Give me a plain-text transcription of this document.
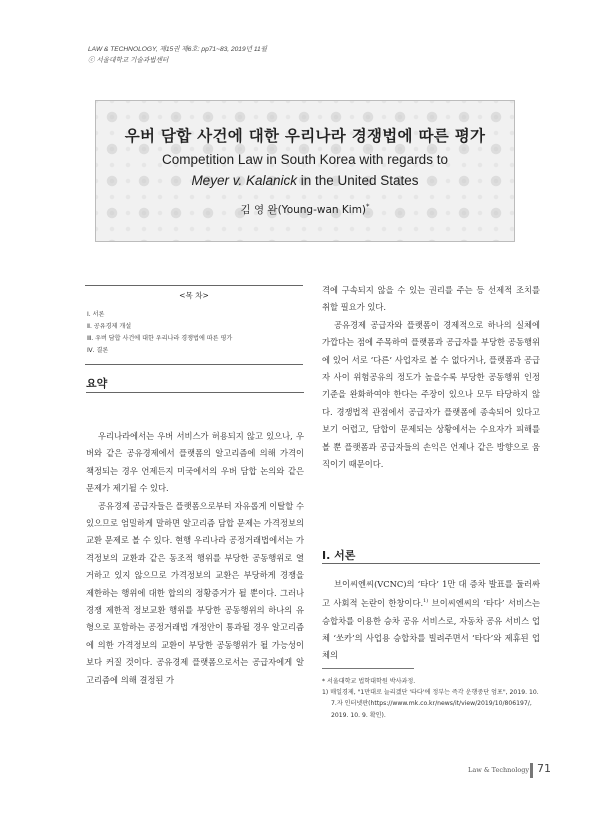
LAW & TECHNOLOGY, 제15권 제6호: pp71~83, 2019년 11월
ⓒ 서울대학교 기술과법센터
우버 담합 사건에 대한 우리나라 경쟁법에 따른 평가
Competition Law in South Korea with regards to
Meyer v. Kalanick in the United States
김 영 완(Young-wan Kim)*
<목 차>
Ⅰ. 서론
Ⅱ. 공유경제 개설
Ⅲ. 우버 담합 사건에 대한 우리나라 경쟁법에 따른 평가
Ⅳ. 결론
요약

우리나라에서는 우버 서비스가 허용되지 않고 있으나, 우버와 같은 공유경제에서 플랫폼의 알고리즘에 의해 가격이 책정되는 경우 언제든지 미국에서의 우버 담합 논의와 같은 문제가 제기될 수 있다.

공유경제 공급자들은 플랫폼으로부터 자유롭게 이탈할 수 있으므로 엄밀하게 말하면 알고리즘 담합 문제는 가격정보의 교환 문제로 볼 수 있다. 현행 우리나라 공정거래법에서는 가격정보의 교환과 같은 동조적 행위를 부당한 공동행위로 열거하고 있지 않으므로 가격정보의 교환은 부당하게 경쟁을 제한하는 행위에 대한 합의의 정황증거가 될 뿐이다. 그러나 경쟁 제한적 정보교환 행위를 부당한 공동행위의 하나의 유형으로 포함하는 공정거래법 개정안이 통과될 경우 알고리즘에 의한 가격정보의 교환이 부당한 공동행위가 될 가능성이 보다 커질 것이다. 공유경제 플랫폼으로서는 공급자에게 알고리즘에 의해 결정된 가

격에 구속되지 않을 수 있는 권리를 주는 등 선제적 조치를 취할 필요가 있다.

공유경제 공급자와 플랫폼이 경제적으로 하나의 실체에 가깝다는 점에 주목하여 플랫폼과 공급자를 부당한 공동행위에 있어 서로 ‘다른’ 사업자로 볼 수 없다거나, 플랫폼과 공급자 사이 위험공유의 정도가 높을수록 부당한 공동행위 인정 기준을 완화하여야 한다는 주장이 있으나 모두 타당하지 않다. 경쟁법적 관점에서 공급자가 플랫폼에 종속되어 있다고 보기 어렵고, 담합이 문제되는 상황에서는 수요자가 피해를 볼 뿐 플랫폼과 공급자들의 손익은 언제나 같은 방향으로 움직이기 때문이다.

Ⅰ. 서론

브이씨엔씨(VCNC)의 ‘타다’ 1만 대 증차 발표를 둘러싸고 사회적 논란이 한창이다.$^{1)}$ 브이씨엔씨의 ‘타다’ 서비스는 승합차를 이용한 승차 공유 서비스로, 자동차 공유 서비스 업체 ‘쏘카’의 사업용 승합차를 빌려주면서 ‘타다’와 제휴된 업체의

* 서울대학교 법학대학원 박사과정.
1) 매일경제, "1만대로 늘리겠단 '타다'에 정부는 즉각 운행중단 엄포", 2019. 10. 7.자 인터넷판(https://www.mk.co.kr/news/it/view/2019/10/806197/, 2019. 10. 9. 확인).
Law & Technology 71
